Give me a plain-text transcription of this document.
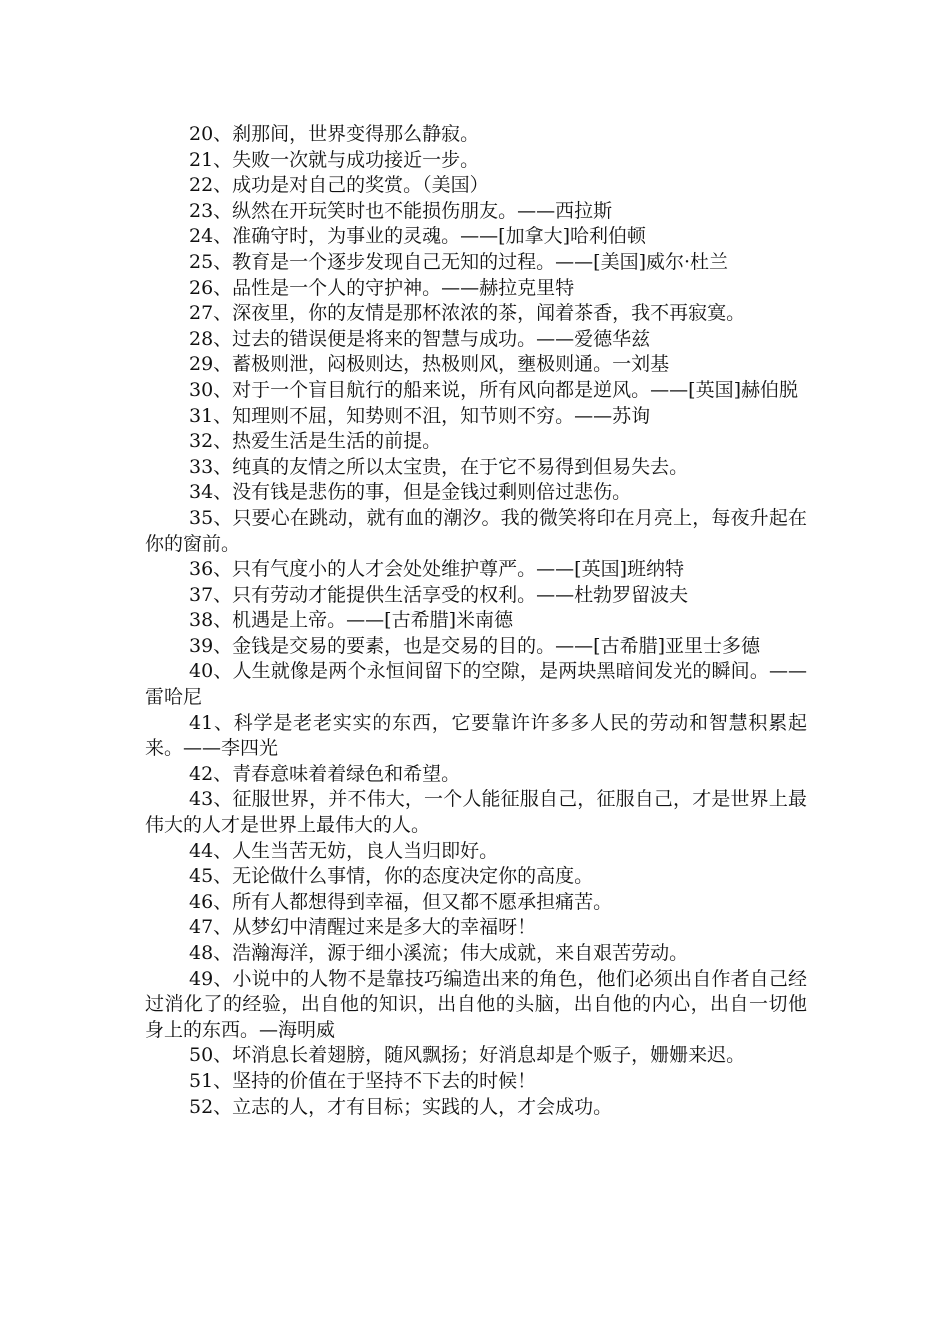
20、刹那间，世界变得那么静寂。

21、失败一次就与成功接近一步。

22、成功是对自己的奖赏。（美国）

23、纵然在开玩笑时也不能损伤朋友。——西拉斯

24、准确守时，为事业的灵魂。——[加拿大]哈利伯顿

25、教育是一个逐步发现自己无知的过程。——[美国]威尔·杜兰

26、品性是一个人的守护神。——赫拉克里特

27、深夜里，你的友情是那杯浓浓的茶，闻着茶香，我不再寂寞。

28、过去的错误便是将来的智慧与成功。——爱德华兹

29、蓄极则泄，闷极则达，热极则风，壅极则通。一刘基

30、对于一个盲目航行的船来说，所有风向都是逆风。——[英国]赫伯脱

31、知理则不屈，知势则不沮，知节则不穷。——苏询

32、热爱生活是生活的前提。

33、纯真的友情之所以太宝贵，在于它不易得到但易失去。

34、没有钱是悲伤的事，但是金钱过剩则倍过悲伤。

35、只要心在跳动，就有血的潮汐。我的微笑将印在月亮上，每夜升起在你的窗前。

36、只有气度小的人才会处处维护尊严。——[英国]班纳特

37、只有劳动才能提供生活享受的权利。——杜勃罗留波夫

38、机遇是上帝。——[古希腊]米南德

39、金钱是交易的要素，也是交易的目的。——[古希腊]亚里士多德

40、人生就像是两个永恒间留下的空隙，是两块黑暗间发光的瞬间。——雷哈尼

41、科学是老老实实的东西，它要靠许许多多人民的劳动和智慧积累起来。——李四光

42、青春意味着着绿色和希望。

43、征服世界，并不伟大，一个人能征服自己，征服自己，才是世界上最伟大的人才是世界上最伟大的人。

44、人生当苦无妨，良人当归即好。

45、无论做什么事情，你的态度决定你的高度。

46、所有人都想得到幸福，但又都不愿承担痛苦。

47、从梦幻中清醒过来是多大的幸福呀！

48、浩瀚海洋，源于细小溪流；伟大成就，来自艰苦劳动。

49、小说中的人物不是靠技巧编造出来的角色，他们必须出自作者自己经过消化了的经验，出自他的知识，出自他的头脑，出自他的内心，出自一切他身上的东西。—海明威

50、坏消息长着翅膀，随风飘扬；好消息却是个贩子，姗姗来迟。

51、坚持的价值在于坚持不下去的时候！

52、立志的人，才有目标；实践的人，才会成功。
